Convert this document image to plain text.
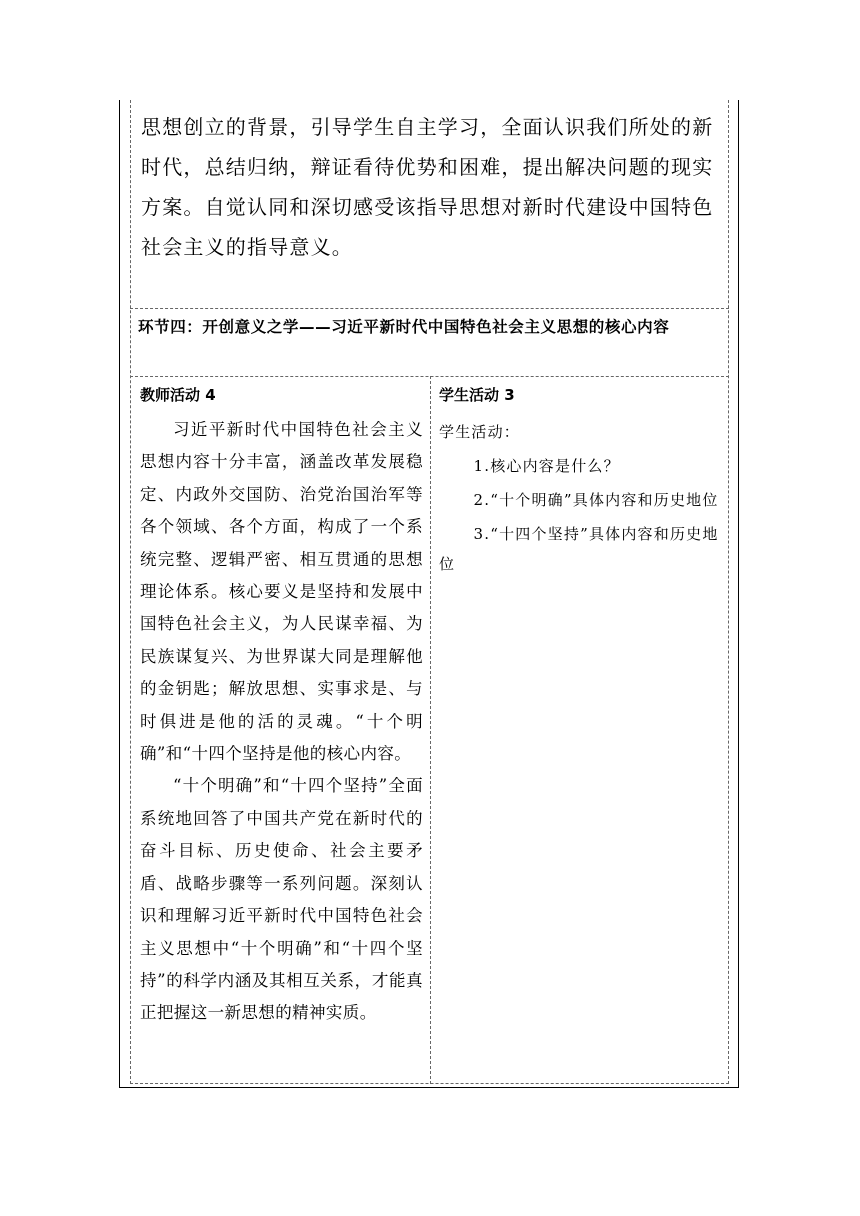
思想创立的背景，引导学生自主学习，全面认识我们所处的新时代，总结归纳，辩证看待优势和困难，提出解决问题的现实方案。自觉认同和深切感受该指导思想对新时代建设中国特色社会主义的指导意义。
环节四：开创意义之学——习近平新时代中国特色社会主义思想的核心内容
教师活动 4

习近平新时代中国特色社会主义思想内容十分丰富，涵盖改革发展稳定、内政外交国防、治党治国治军等各个领域、各个方面，构成了一个系统完整、逻辑严密、相互贯通的思想理论体系。核心要义是坚持和发展中国特色社会主义，为人民谋幸福、为民族谋复兴、为世界谋大同是理解他的金钥匙；解放思想、实事求是、与时俱进是他的活的灵魂。“十个明确”和“十四个坚持是他的核心内容。

“十个明确”和“十四个坚持”全面系统地回答了中国共产党在新时代的奋斗目标、历史使命、社会主要矛盾、战略步骤等一系列问题。深刻认识和理解习近平新时代中国特色社会主义思想中“十个明确”和“十四个坚持”的科学内涵及其相互关系，才能真正把握这一新思想的精神实质。

学生活动 3
学生活动：

1.核心内容是什么？

2.“十个明确”具体内容和历史地位

3.“十四个坚持”具体内容和历史地位
